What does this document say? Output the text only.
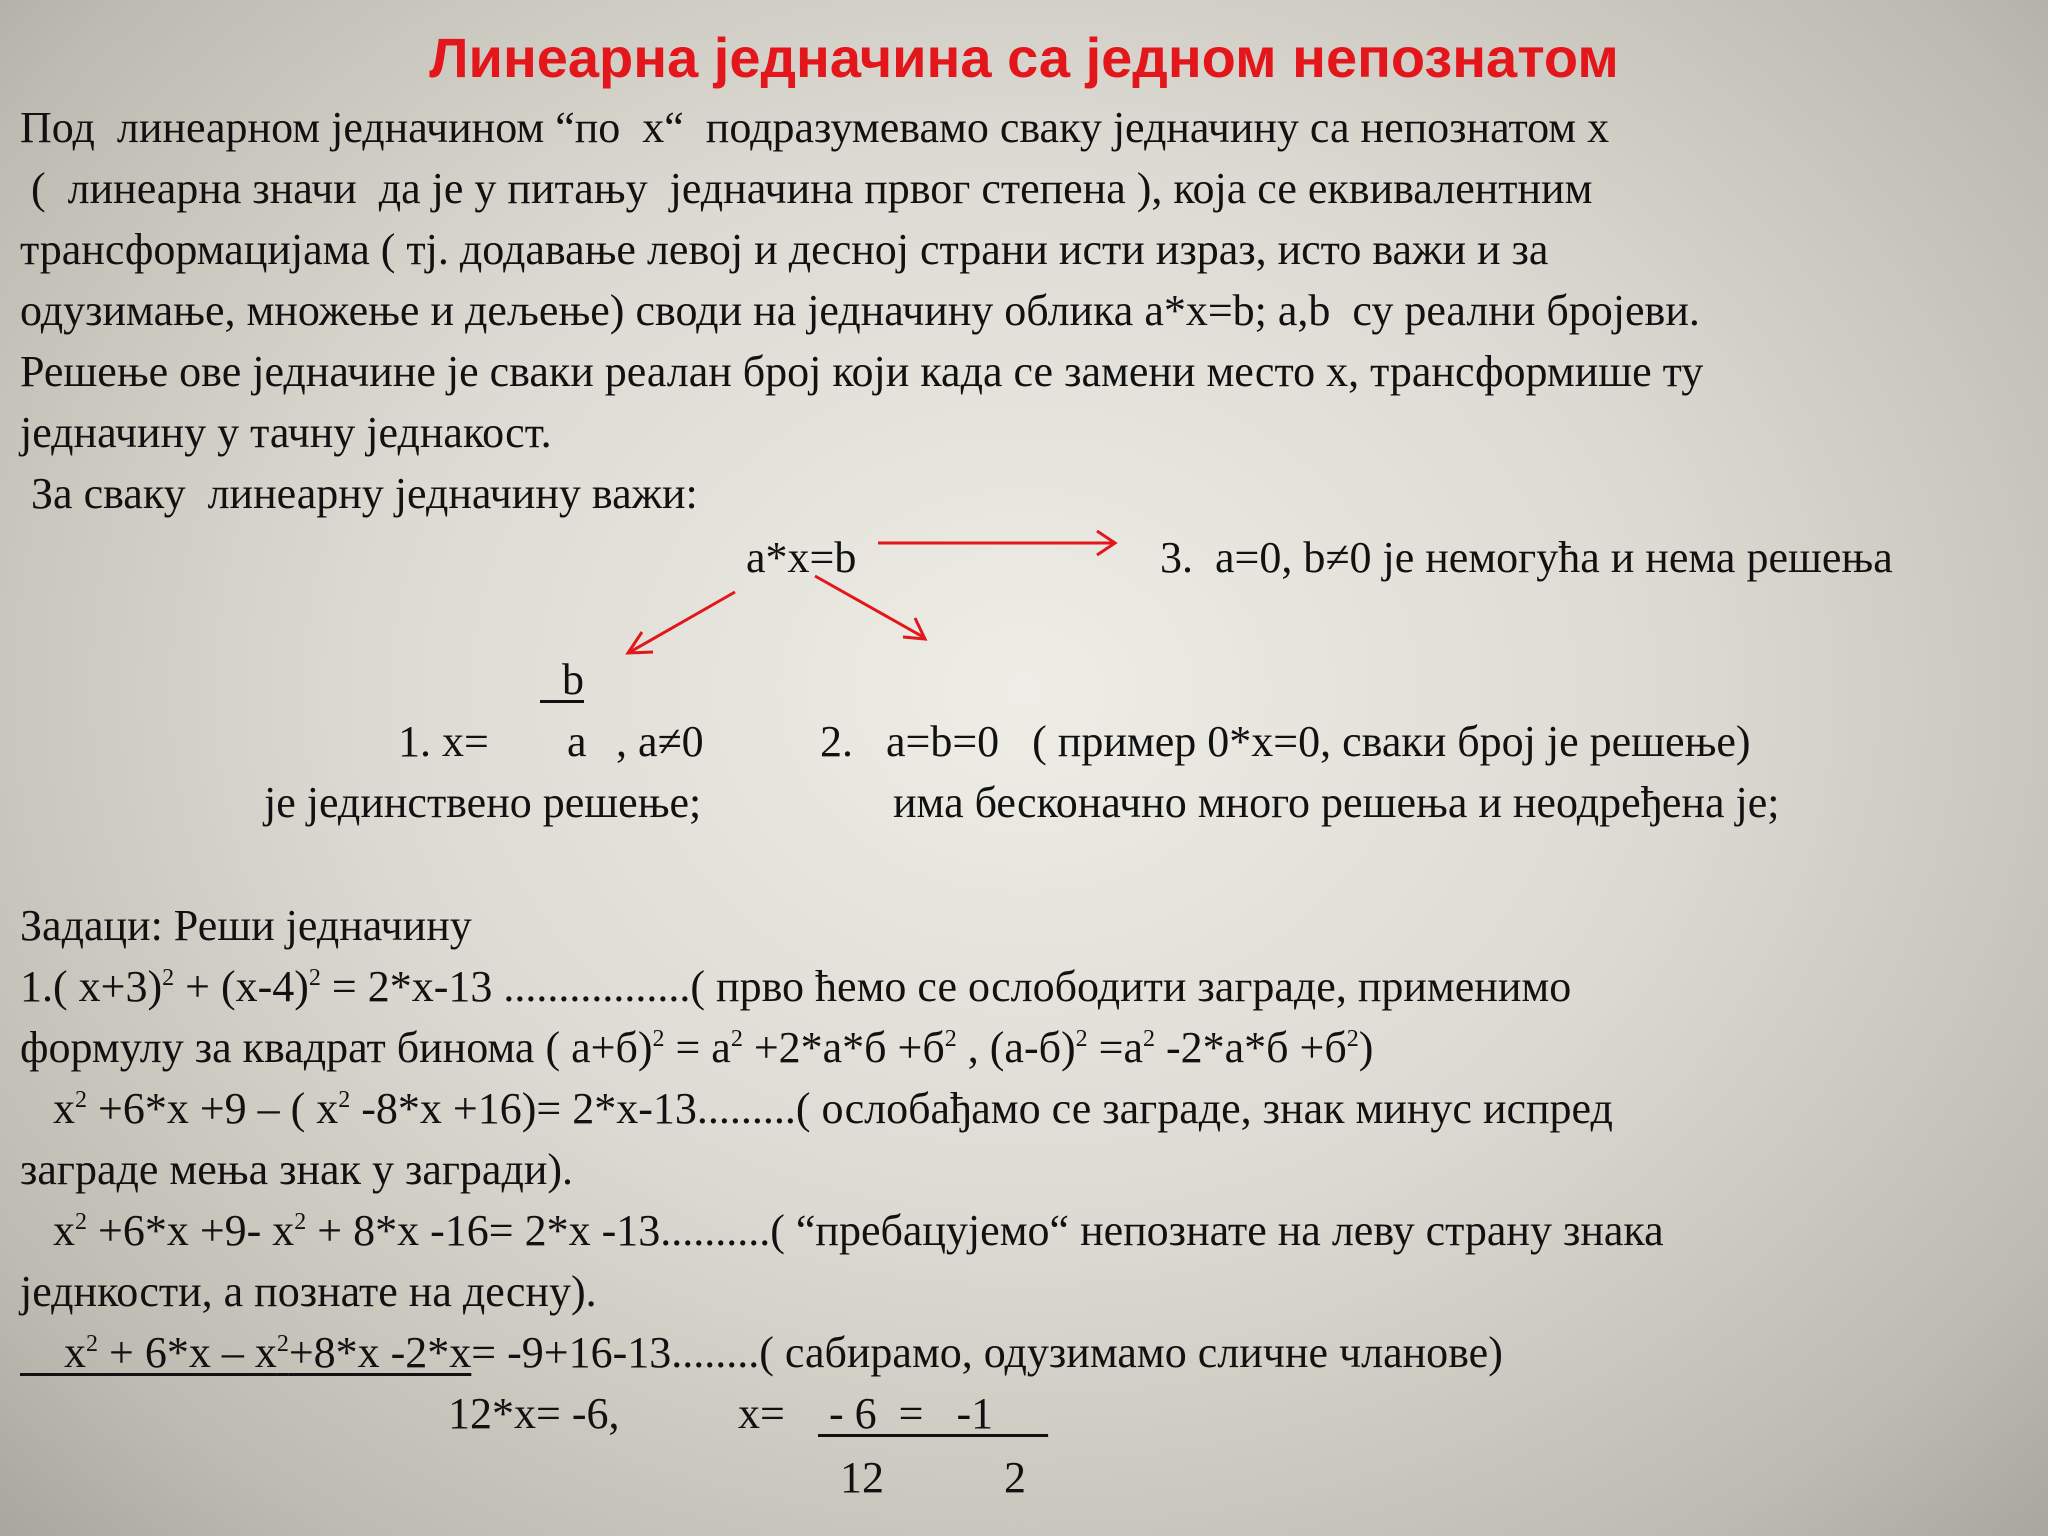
Линеарна једначина са једном непознатом

Под  линеарном једначином “по  x“  подразумевамо сваку једначину са непознатом x

(  линеарна значи  да је у питању  једначина првог степена ), која се еквивалентним

трансформацијама ( тј. додавање левој и десној страни исти израз, исто важи и за

одузимање, множење и дељење) своди на једначину облика a*x=b; a,b  су реални бројеви.

Решење ове једначине је сваки реалан број који када се замени место x, трансформише ту

једначину у тачну једнакост.

За сваку  линеарну једначину важи:

a*x=b	3.  a=0, b≠0 је немогућа и нема решења

b

1. x= a , a≠0	2.   a=b=0   ( пример 0*x=0, сваки број је решење)

је јединствено решење;	има бесконачно много решења и неодређена је;

Задаци: Реши једначину

1.( $x+3)^2 + (x-4)^2 = 2*x-13$ .................( прво ћемо се ослободити заграде, применимо

формулу за квадрат бинома ( $a+б)^2 = a^2 +2*a*б +б^2$ , $(a-б)^2 =a^2$ $-2*a*б +б^2$)

$x^2 +6*x +9$ – ( $x^2$ -8*x +16)= 2*x-13.........( ослобађамо се заграде, знак минус испред

заграде мења знак у загради).

$x^2 +6*x +9-$ $x^2 + 8*x$ -16= 2*x -13..........( “пребацујемо“ непознате на леву страну знака

једнкости, а познате на десну).

$x^2 + 6*x - x^2+8*x$ -2*x= -9+16-13........( сабирамо, одузимамо сличне чланове)

12*x= -6,	x= - 6  =   -1

12	2
